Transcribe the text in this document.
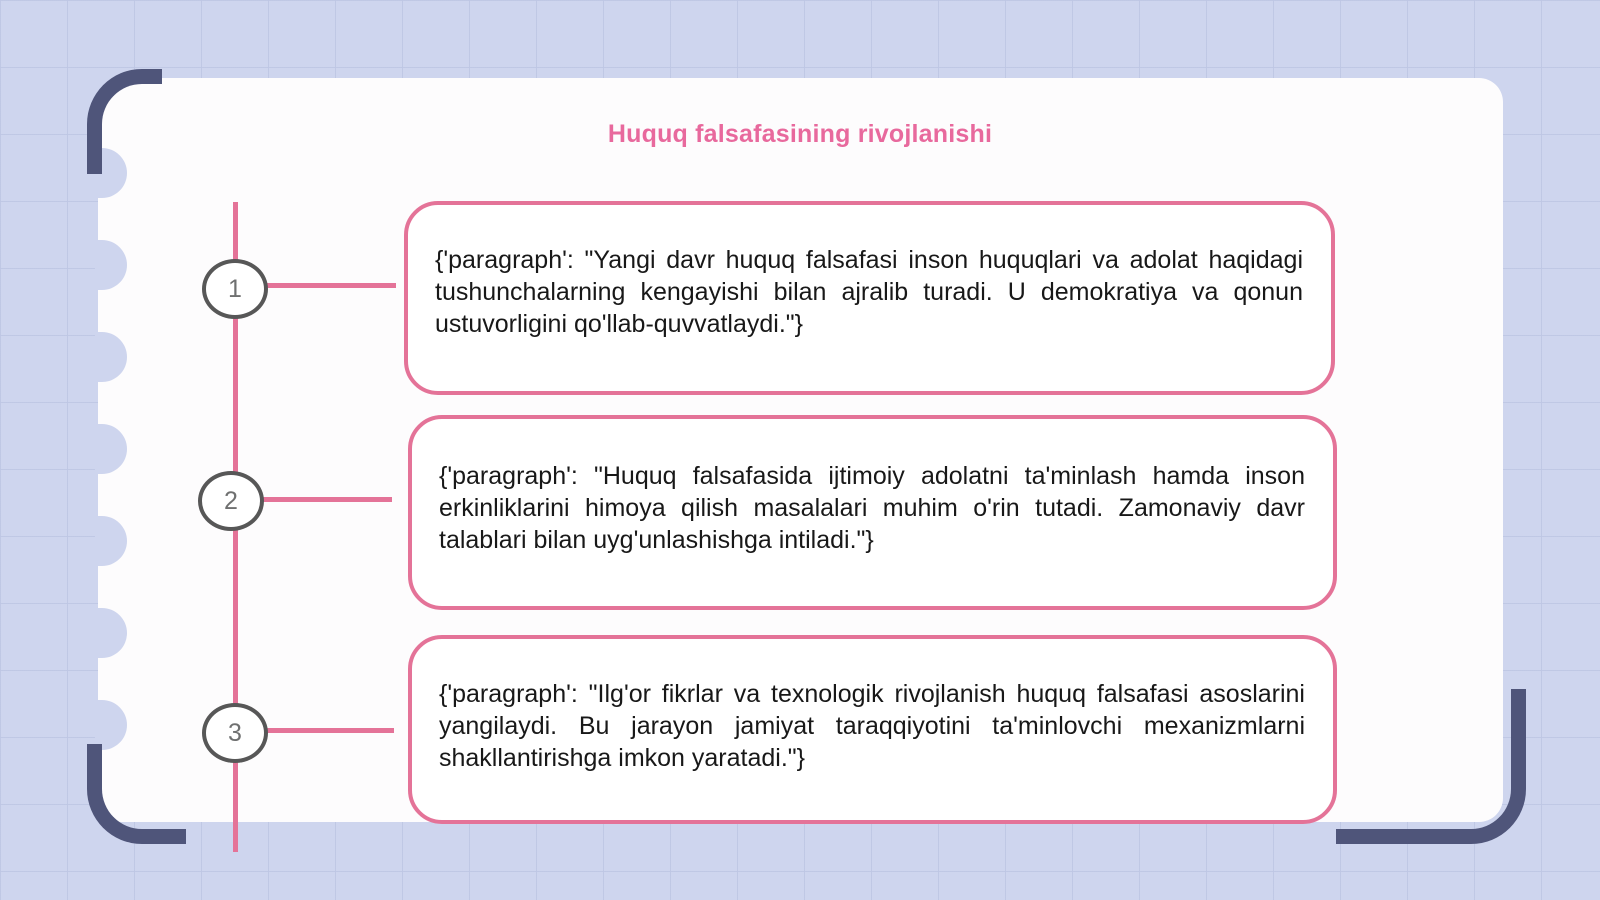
Huquq falsafasining rivojlanishi
1
2
3
{'paragraph': "Yangi davr huquq falsafasi inson huquqlari va adolat haqidagi tushunchalarning kengayishi bilan ajralib turadi. U demokratiya va qonun ustuvorligini qo'llab-quvvatlaydi."}
{'paragraph': "Huquq falsafasida ijtimoiy adolatni ta'minlash hamda inson erkinliklarini himoya qilish masalalari muhim o'rin tutadi. Zamonaviy davr talablari bilan uyg'unlashishga intiladi."}
{'paragraph': "Ilg'or fikrlar va texnologik rivojlanish huquq falsafasi asoslarini yangilaydi. Bu jarayon jamiyat taraqqiyotini ta'minlovchi mexanizmlarni shakllantirishga imkon yaratadi."}
